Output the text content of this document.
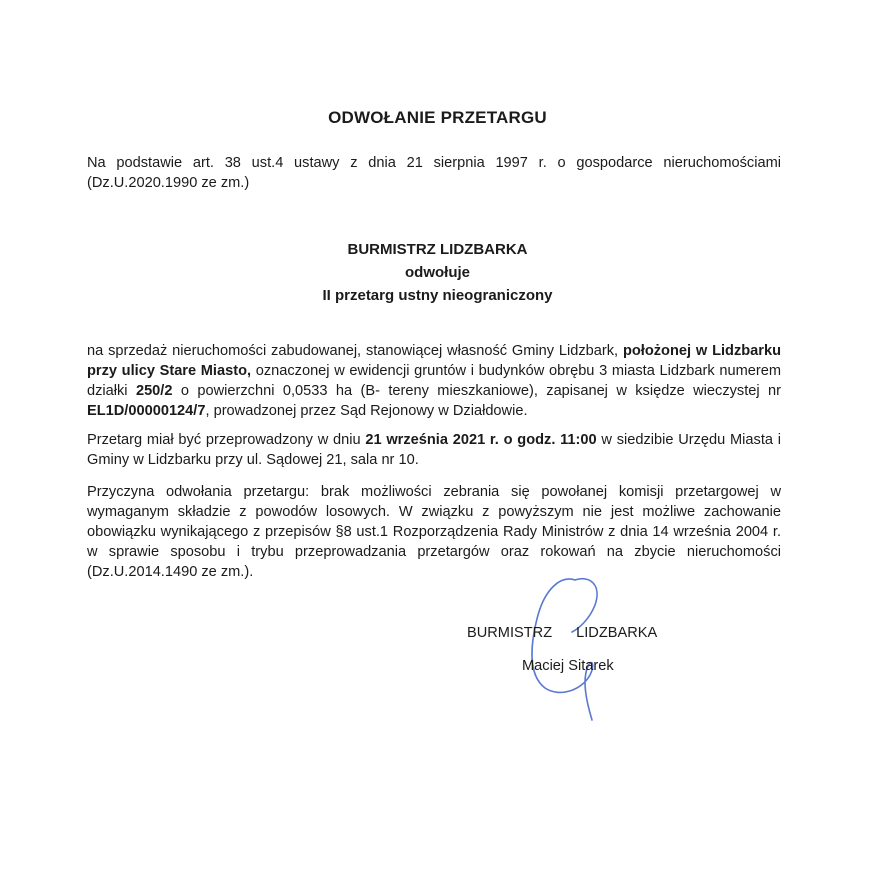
ODWOŁANIE PRZETARGU

Na podstawie art. 38 ust.4 ustawy z dnia 21 sierpnia 1997 r. o gospodarce nieruchomościami (Dz.U.2020.1990 ze zm.)

BURMISTRZ LIDZBARKA
odwołuje
II przetarg ustny nieograniczony

na sprzedaż nieruchomości zabudowanej, stanowiącej własność Gminy Lidzbark, położonej w Lidzbarku przy ulicy Stare Miasto, oznaczonej w ewidencji gruntów i budynków obrębu 3 miasta Lidzbark numerem działki 250/2 o powierzchni 0,0533 ha (B- tereny mieszkaniowe), zapisanej w księdze wieczystej nr EL1D/00000124/7, prowadzonej przez Sąd Rejonowy w Działdowie.

Przetarg miał być przeprowadzony w dniu 21 września 2021 r. o godz. 11:00 w siedzibie Urzędu Miasta i Gminy w Lidzbarku przy ul. Sądowej 21, sala nr 10.

Przyczyna odwołania przetargu: brak możliwości zebrania się powołanej komisji przetargowej w wymaganym składzie z powodów losowych. W związku z powyższym nie jest możliwe zachowanie obowiązku wynikającego z przepisów §8 ust.1 Rozporządzenia Rady Ministrów z dnia 14 września 2004 r. w sprawie sposobu i trybu przeprowadzania przetargów oraz rokowań na zbycie nieruchomości (Dz.U.2014.1490 ze zm.).

BURMISTRZ LIDZBARKA
Maciej Sitarek
